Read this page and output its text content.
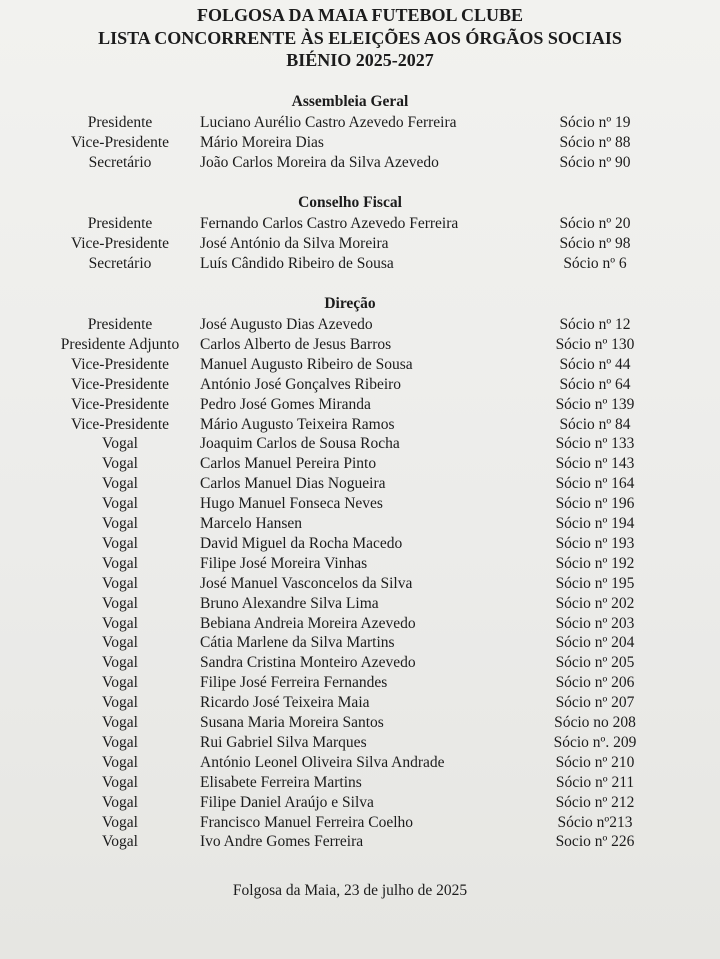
FOLGOSA DA MAIA FUTEBOL CLUBE
LISTA CONCORRENTE ÀS ELEIÇÕES AOS ÓRGÃOS SOCIAIS
BIÉNIO 2025-2027
Assembleia Geral
Presidente	Luciano Aurélio Castro Azevedo Ferreira	Sócio nº 19
Vice-Presidente	Mário Moreira Dias	Sócio nº 88
Secretário	João Carlos Moreira da Silva Azevedo	Sócio nº 90
Conselho Fiscal
Presidente	Fernando Carlos Castro Azevedo Ferreira	Sócio nº 20
Vice-Presidente	José António da Silva Moreira	Sócio nº 98
Secretário	Luís Cândido Ribeiro de Sousa	Sócio nº 6
Direção
Presidente	José Augusto Dias Azevedo	Sócio nº 12
Presidente Adjunto	Carlos Alberto de Jesus Barros	Sócio nº 130
Vice-Presidente	Manuel Augusto Ribeiro de Sousa	Sócio nº 44
Vice-Presidente	António José Gonçalves Ribeiro	Sócio nº 64
Vice-Presidente	Pedro José Gomes Miranda	Sócio nº 139
Vice-Presidente	Mário Augusto Teixeira Ramos	Sócio nº 84
Vogal	Joaquim Carlos de Sousa Rocha	Sócio nº 133
Vogal	Carlos Manuel Pereira Pinto	Sócio nº 143
Vogal	Carlos Manuel Dias Nogueira	Sócio nº 164
Vogal	Hugo Manuel Fonseca Neves	Sócio nº 196
Vogal	Marcelo Hansen	Sócio nº 194
Vogal	David Miguel da Rocha Macedo	Sócio nº 193
Vogal	Filipe José Moreira Vinhas	Sócio nº 192
Vogal	José Manuel Vasconcelos da Silva	Sócio nº 195
Vogal	Bruno Alexandre Silva Lima	Sócio nº 202
Vogal	Bebiana Andreia Moreira Azevedo	Sócio nº 203
Vogal	Cátia Marlene da Silva Martins	Sócio nº 204
Vogal	Sandra Cristina Monteiro Azevedo	Sócio nº 205
Vogal	Filipe José Ferreira Fernandes	Sócio nº 206
Vogal	Ricardo José Teixeira Maia	Sócio nº 207
Vogal	Susana Maria Moreira Santos	Sócio no 208
Vogal	Rui Gabriel Silva Marques	Sócio nº. 209
Vogal	António Leonel Oliveira Silva Andrade	Sócio nº 210
Vogal	Elisabete Ferreira Martins	Sócio nº 211
Vogal	Filipe Daniel Araújo e Silva	Sócio nº 212
Vogal	Francisco Manuel Ferreira Coelho	Sócio nº213
Vogal	Ivo Andre Gomes Ferreira	Socio nº 226
Folgosa da Maia, 23 de julho de 2025
